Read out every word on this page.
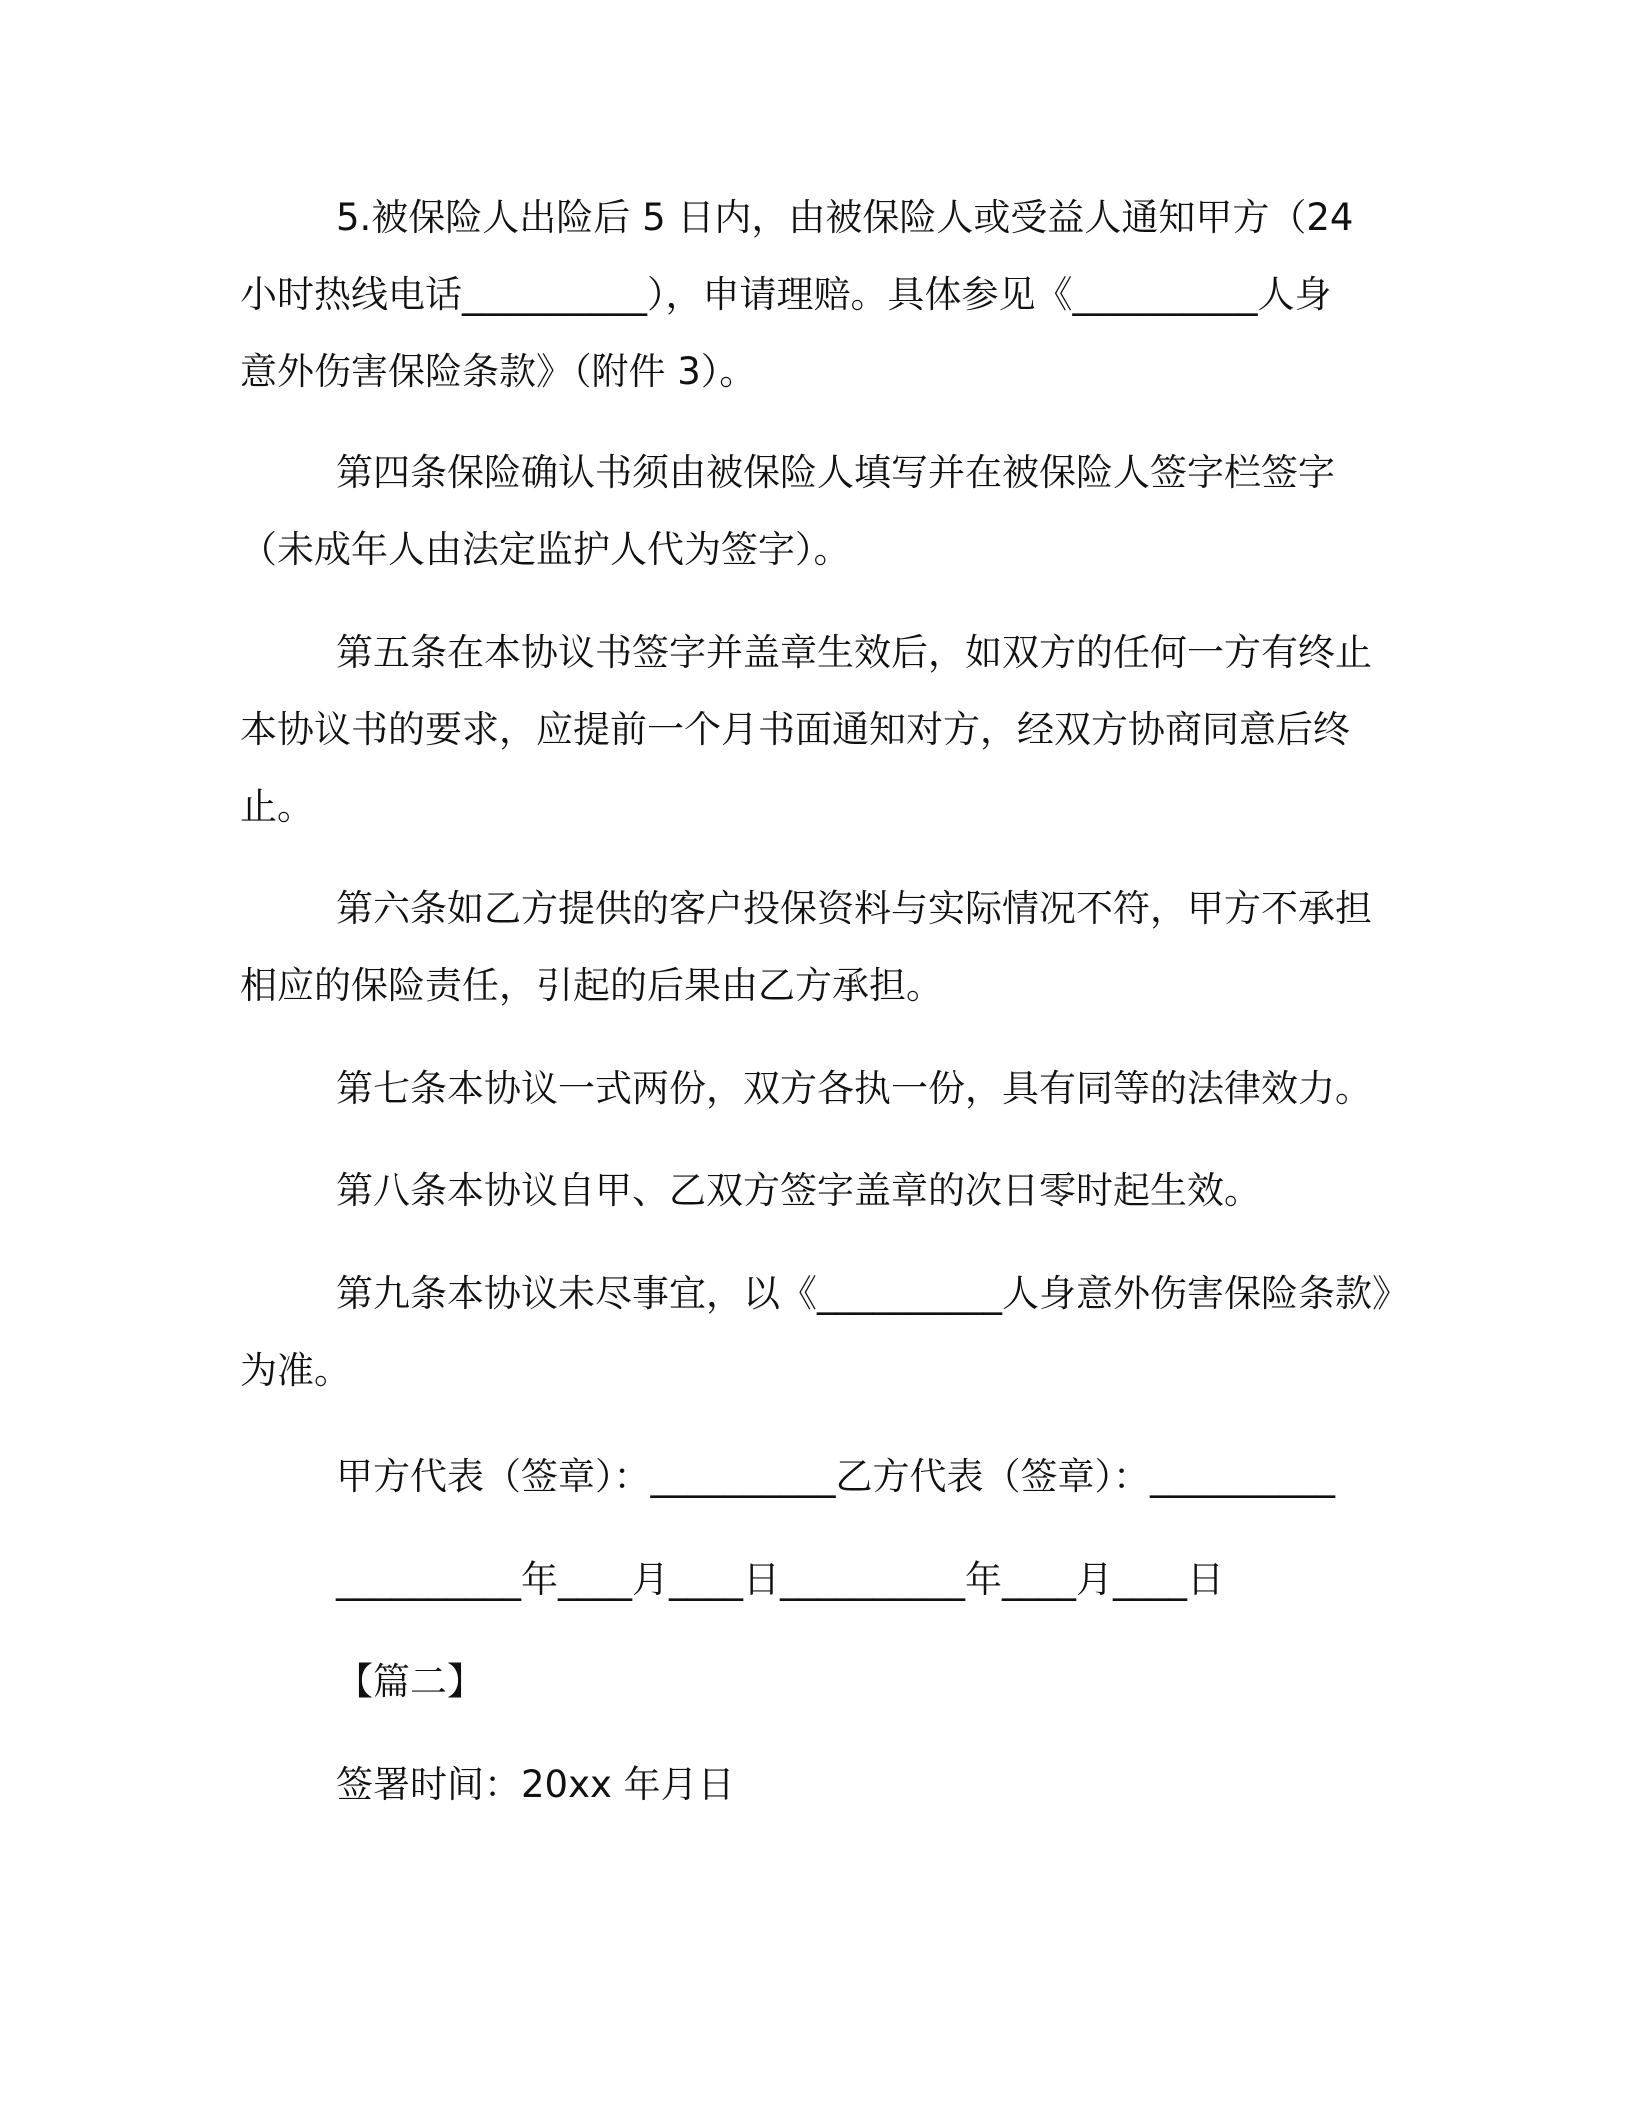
5.被保险人出险后 5 日内，由被保险人或受益人通知甲方（24
小时热线电话__________），申请理赔。具体参见《__________人身
意外伤害保险条款》（附件 3）。
第四条保险确认书须由被保险人填写并在被保险人签字栏签字
（未成年人由法定监护人代为签字）。
第五条在本协议书签字并盖章生效后，如双方的任何一方有终止
本协议书的要求，应提前一个月书面通知对方，经双方协商同意后终
止。
第六条如乙方提供的客户投保资料与实际情况不符，甲方不承担
相应的保险责任，引起的后果由乙方承担。
第七条本协议一式两份，双方各执一份，具有同等的法律效力。
第八条本协议自甲、乙双方签字盖章的次日零时起生效。
第九条本协议未尽事宜，以《__________人身意外伤害保险条款》
为准。
甲方代表（签章）：__________乙方代表（签章）：__________
__________年____月____日__________年____月____日
【篇二】
签署时间：20xx 年月日
